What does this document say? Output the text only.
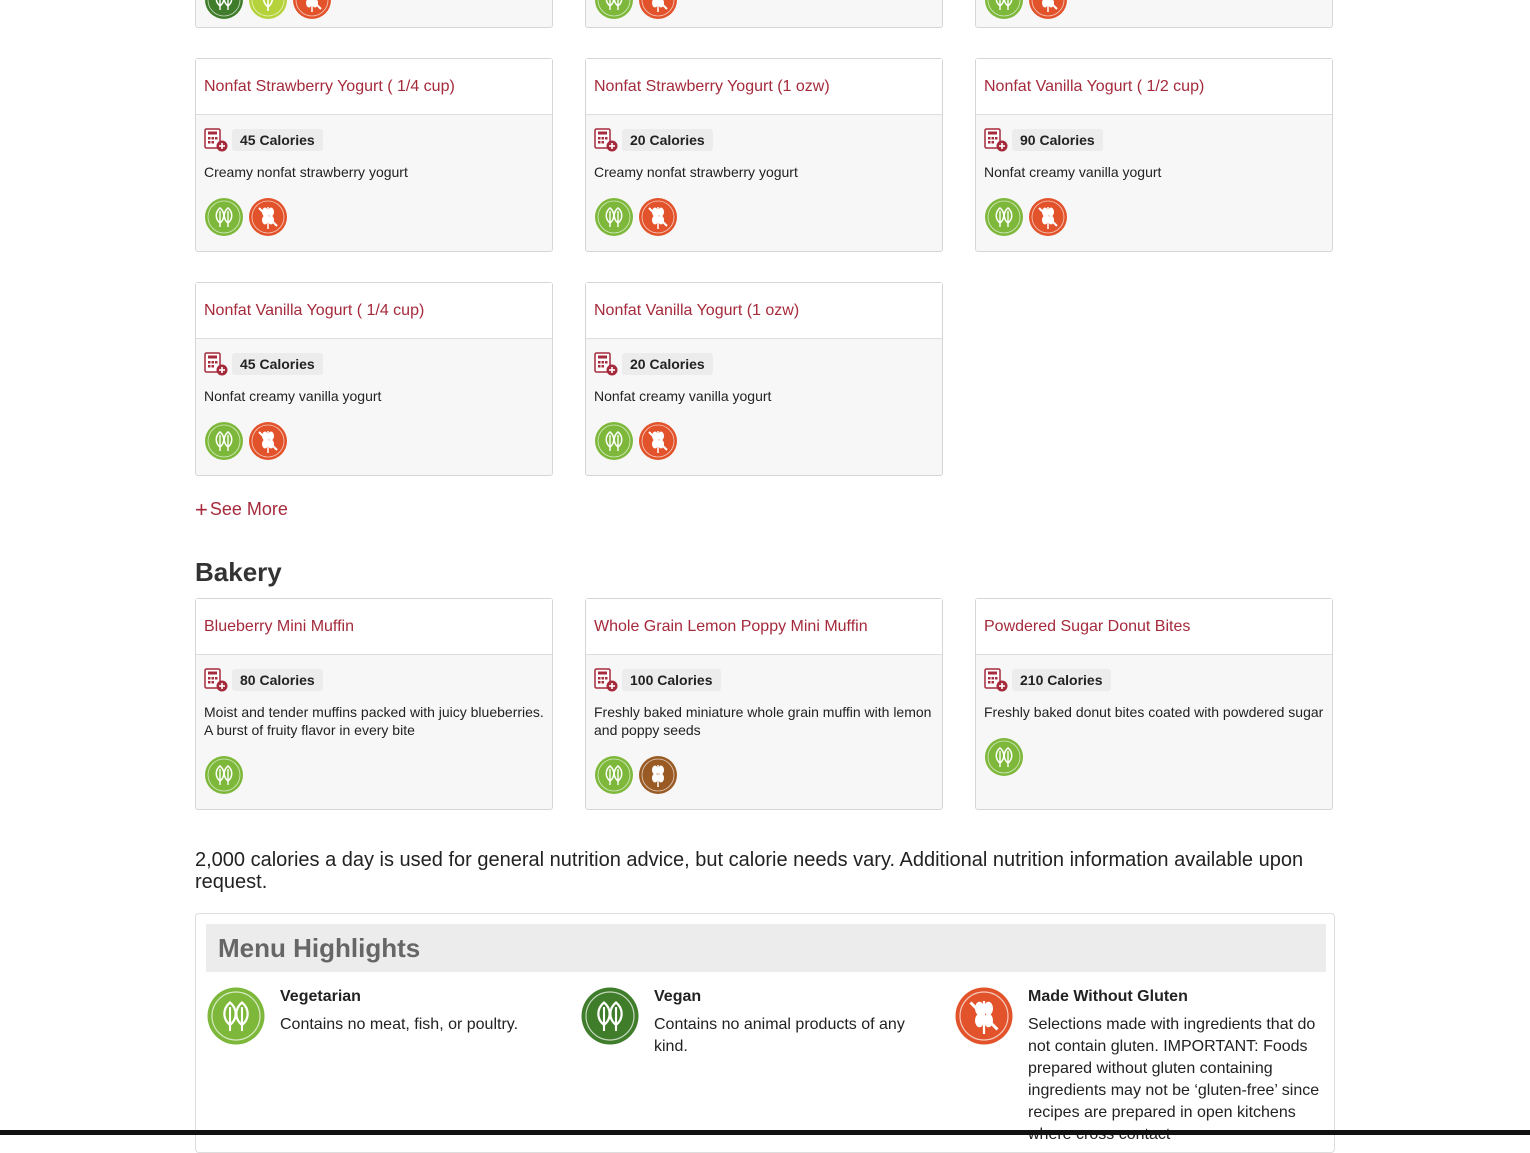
Nonfat Strawberry Yogurt ( 1/4 cup)
45 Calories
Creamy nonfat strawberry yogurt
Nonfat Strawberry Yogurt (1 ozw)
20 Calories
Creamy nonfat strawberry yogurt
Nonfat Vanilla Yogurt ( 1/2 cup)
90 Calories
Nonfat creamy vanilla yogurt
Nonfat Vanilla Yogurt ( 1/4 cup)
45 Calories
Nonfat creamy vanilla yogurt
Nonfat Vanilla Yogurt (1 ozw)
20 Calories
Nonfat creamy vanilla yogurt
+ See More
Bakery
Blueberry Mini Muffin
80 Calories
Moist and tender muffins packed with juicy blueberries. A burst of fruity flavor in every bite
Whole Grain Lemon Poppy Mini Muffin
100 Calories
Freshly baked miniature whole grain muffin with lemon and poppy seeds
Powdered Sugar Donut Bites
210 Calories
Freshly baked donut bites coated with powdered sugar
2,000 calories a day is used for general nutrition advice, but calorie needs vary. Additional nutrition information available upon request.
Menu Highlights
Vegetarian
Contains no meat, fish, or poultry.
Vegan
Contains no animal products of any kind.
Made Without Gluten
Selections made with ingredients that do not contain gluten. IMPORTANT: Foods prepared without gluten containing ingredients may not be ‘gluten-free’ since recipes are prepared in open kitchens
